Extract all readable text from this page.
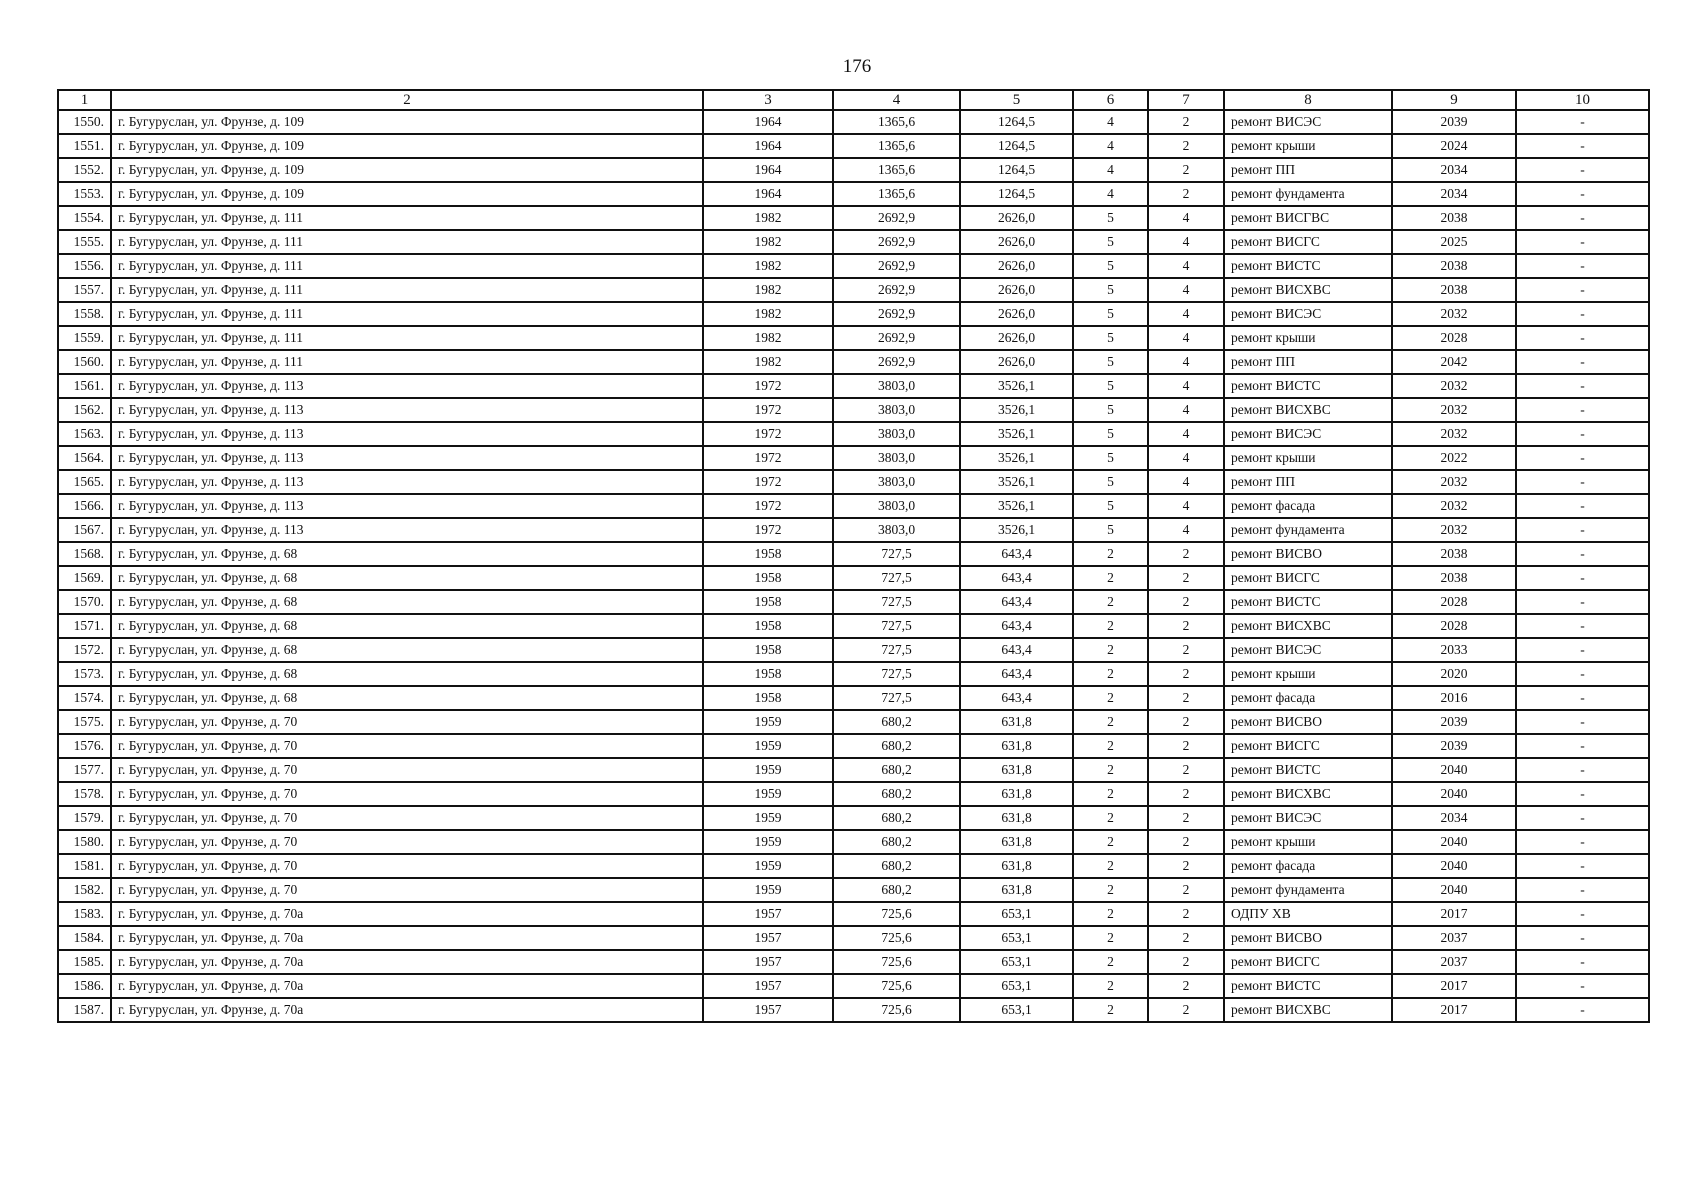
176
1	2	3	4	5	6	7	8	9	10
1550.	г. Бугуруслан, ул. Фрунзе, д. 109	1964	1365,6	1264,5	4	2	ремонт ВИСЭС	2039	-
1551.	г. Бугуруслан, ул. Фрунзе, д. 109	1964	1365,6	1264,5	4	2	ремонт крыши	2024	-
1552.	г. Бугуруслан, ул. Фрунзе, д. 109	1964	1365,6	1264,5	4	2	ремонт ПП	2034	-
1553.	г. Бугуруслан, ул. Фрунзе, д. 109	1964	1365,6	1264,5	4	2	ремонт фундамента	2034	-
1554.	г. Бугуруслан, ул. Фрунзе, д. 111	1982	2692,9	2626,0	5	4	ремонт ВИСГВС	2038	-
1555.	г. Бугуруслан, ул. Фрунзе, д. 111	1982	2692,9	2626,0	5	4	ремонт ВИСГС	2025	-
1556.	г. Бугуруслан, ул. Фрунзе, д. 111	1982	2692,9	2626,0	5	4	ремонт ВИСТС	2038	-
1557.	г. Бугуруслан, ул. Фрунзе, д. 111	1982	2692,9	2626,0	5	4	ремонт ВИСХВС	2038	-
1558.	г. Бугуруслан, ул. Фрунзе, д. 111	1982	2692,9	2626,0	5	4	ремонт ВИСЭС	2032	-
1559.	г. Бугуруслан, ул. Фрунзе, д. 111	1982	2692,9	2626,0	5	4	ремонт крыши	2028	-
1560.	г. Бугуруслан, ул. Фрунзе, д. 111	1982	2692,9	2626,0	5	4	ремонт ПП	2042	-
1561.	г. Бугуруслан, ул. Фрунзе, д. 113	1972	3803,0	3526,1	5	4	ремонт ВИСТС	2032	-
1562.	г. Бугуруслан, ул. Фрунзе, д. 113	1972	3803,0	3526,1	5	4	ремонт ВИСХВС	2032	-
1563.	г. Бугуруслан, ул. Фрунзе, д. 113	1972	3803,0	3526,1	5	4	ремонт ВИСЭС	2032	-
1564.	г. Бугуруслан, ул. Фрунзе, д. 113	1972	3803,0	3526,1	5	4	ремонт крыши	2022	-
1565.	г. Бугуруслан, ул. Фрунзе, д. 113	1972	3803,0	3526,1	5	4	ремонт ПП	2032	-
1566.	г. Бугуруслан, ул. Фрунзе, д. 113	1972	3803,0	3526,1	5	4	ремонт фасада	2032	-
1567.	г. Бугуруслан, ул. Фрунзе, д. 113	1972	3803,0	3526,1	5	4	ремонт фундамента	2032	-
1568.	г. Бугуруслан, ул. Фрунзе, д. 68	1958	727,5	643,4	2	2	ремонт ВИСВО	2038	-
1569.	г. Бугуруслан, ул. Фрунзе, д. 68	1958	727,5	643,4	2	2	ремонт ВИСГС	2038	-
1570.	г. Бугуруслан, ул. Фрунзе, д. 68	1958	727,5	643,4	2	2	ремонт ВИСТС	2028	-
1571.	г. Бугуруслан, ул. Фрунзе, д. 68	1958	727,5	643,4	2	2	ремонт ВИСХВС	2028	-
1572.	г. Бугуруслан, ул. Фрунзе, д. 68	1958	727,5	643,4	2	2	ремонт ВИСЭС	2033	-
1573.	г. Бугуруслан, ул. Фрунзе, д. 68	1958	727,5	643,4	2	2	ремонт крыши	2020	-
1574.	г. Бугуруслан, ул. Фрунзе, д. 68	1958	727,5	643,4	2	2	ремонт фасада	2016	-
1575.	г. Бугуруслан, ул. Фрунзе, д. 70	1959	680,2	631,8	2	2	ремонт ВИСВО	2039	-
1576.	г. Бугуруслан, ул. Фрунзе, д. 70	1959	680,2	631,8	2	2	ремонт ВИСГС	2039	-
1577.	г. Бугуруслан, ул. Фрунзе, д. 70	1959	680,2	631,8	2	2	ремонт ВИСТС	2040	-
1578.	г. Бугуруслан, ул. Фрунзе, д. 70	1959	680,2	631,8	2	2	ремонт ВИСХВС	2040	-
1579.	г. Бугуруслан, ул. Фрунзе, д. 70	1959	680,2	631,8	2	2	ремонт ВИСЭС	2034	-
1580.	г. Бугуруслан, ул. Фрунзе, д. 70	1959	680,2	631,8	2	2	ремонт крыши	2040	-
1581.	г. Бугуруслан, ул. Фрунзе, д. 70	1959	680,2	631,8	2	2	ремонт фасада	2040	-
1582.	г. Бугуруслан, ул. Фрунзе, д. 70	1959	680,2	631,8	2	2	ремонт фундамента	2040	-
1583.	г. Бугуруслан, ул. Фрунзе, д. 70а	1957	725,6	653,1	2	2	ОДПУ ХВ	2017	-
1584.	г. Бугуруслан, ул. Фрунзе, д. 70а	1957	725,6	653,1	2	2	ремонт ВИСВО	2037	-
1585.	г. Бугуруслан, ул. Фрунзе, д. 70а	1957	725,6	653,1	2	2	ремонт ВИСГС	2037	-
1586.	г. Бугуруслан, ул. Фрунзе, д. 70а	1957	725,6	653,1	2	2	ремонт ВИСТС	2017	-
1587.	г. Бугуруслан, ул. Фрунзе, д. 70а	1957	725,6	653,1	2	2	ремонт ВИСХВС	2017	-
